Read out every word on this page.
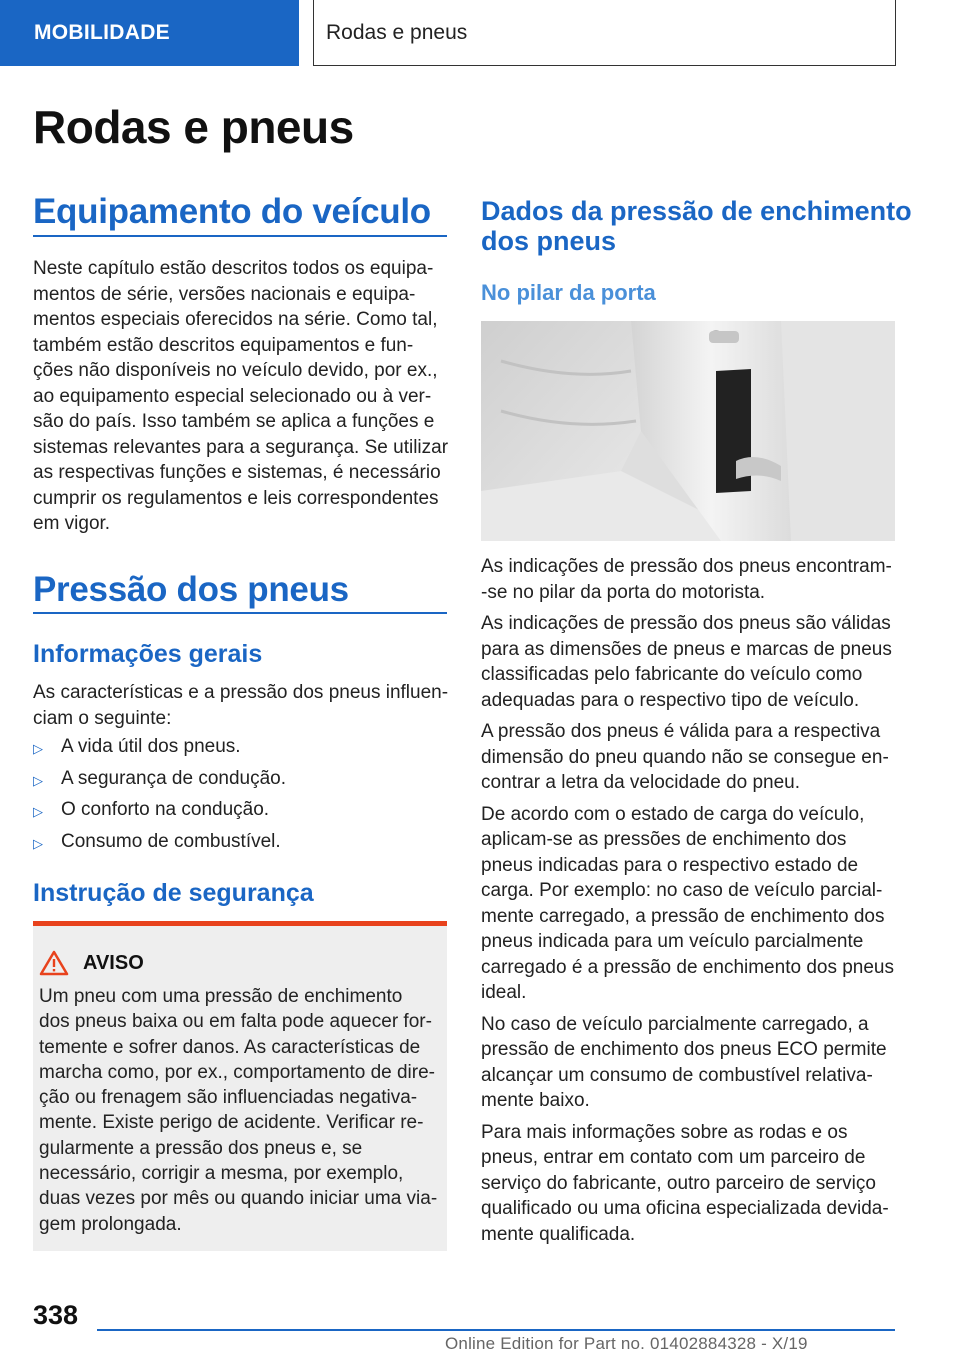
MOBILIDADE	Rodas e pneus
Rodas e pneus
Equipamento do veículo
Neste capítulo estão descritos todos os equipa-
mentos de série, versões nacionais e equipa-
mentos especiais oferecidos na série. Como tal,
também estão descritos equipamentos e fun-
ções não disponíveis no veículo devido, por ex.,
ao equipamento especial selecionado ou à ver-
são do país. Isso também se aplica a funções e
sistemas relevantes para a segurança. Se utilizar
as respectivas funções e sistemas, é necessário
cumprir os regulamentos e leis correspondentes
em vigor.
Pressão dos pneus
Informações gerais
As características e a pressão dos pneus influen-
ciam o seguinte:
▷ A vida útil dos pneus.
▷ A segurança de condução.
▷ O conforto na condução.
▷ Consumo de combustível.
Instrução de segurança
AVISO
Um pneu com uma pressão de enchimento
dos pneus baixa ou em falta pode aquecer for-
temente e sofrer danos. As características de
marcha como, por ex., comportamento de dire-
ção ou frenagem são influenciadas negativa-
mente. Existe perigo de acidente. Verificar re-
gularmente a pressão dos pneus e, se
necessário, corrigir a mesma, por exemplo,
duas vezes por mês ou quando iniciar uma via-
gem prolongada.
Dados da pressão de enchimento
dos pneus
No pilar da porta
As indicações de pressão dos pneus encontram-
-se no pilar da porta do motorista.
As indicações de pressão dos pneus são válidas
para as dimensões de pneus e marcas de pneus
classificadas pelo fabricante do veículo como
adequadas para o respectivo tipo de veículo.
A pressão dos pneus é válida para a respectiva
dimensão do pneu quando não se consegue en-
contrar a letra da velocidade do pneu.
De acordo com o estado de carga do veículo,
aplicam-se as pressões de enchimento dos
pneus indicadas para o respectivo estado de
carga. Por exemplo: no caso de veículo parcial-
mente carregado, a pressão de enchimento dos
pneus indicada para um veículo parcialmente
carregado é a pressão de enchimento dos pneus
ideal.
No caso de veículo parcialmente carregado, a
pressão de enchimento dos pneus ECO permite
alcançar um consumo de combustível relativa-
mente baixo.
Para mais informações sobre as rodas e os
pneus, entrar em contato com um parceiro de
serviço do fabricante, outro parceiro de serviço
qualificado ou uma oficina especializada devida-
mente qualificada.
338
Online Edition for Part no. 01402884328 - X/19
